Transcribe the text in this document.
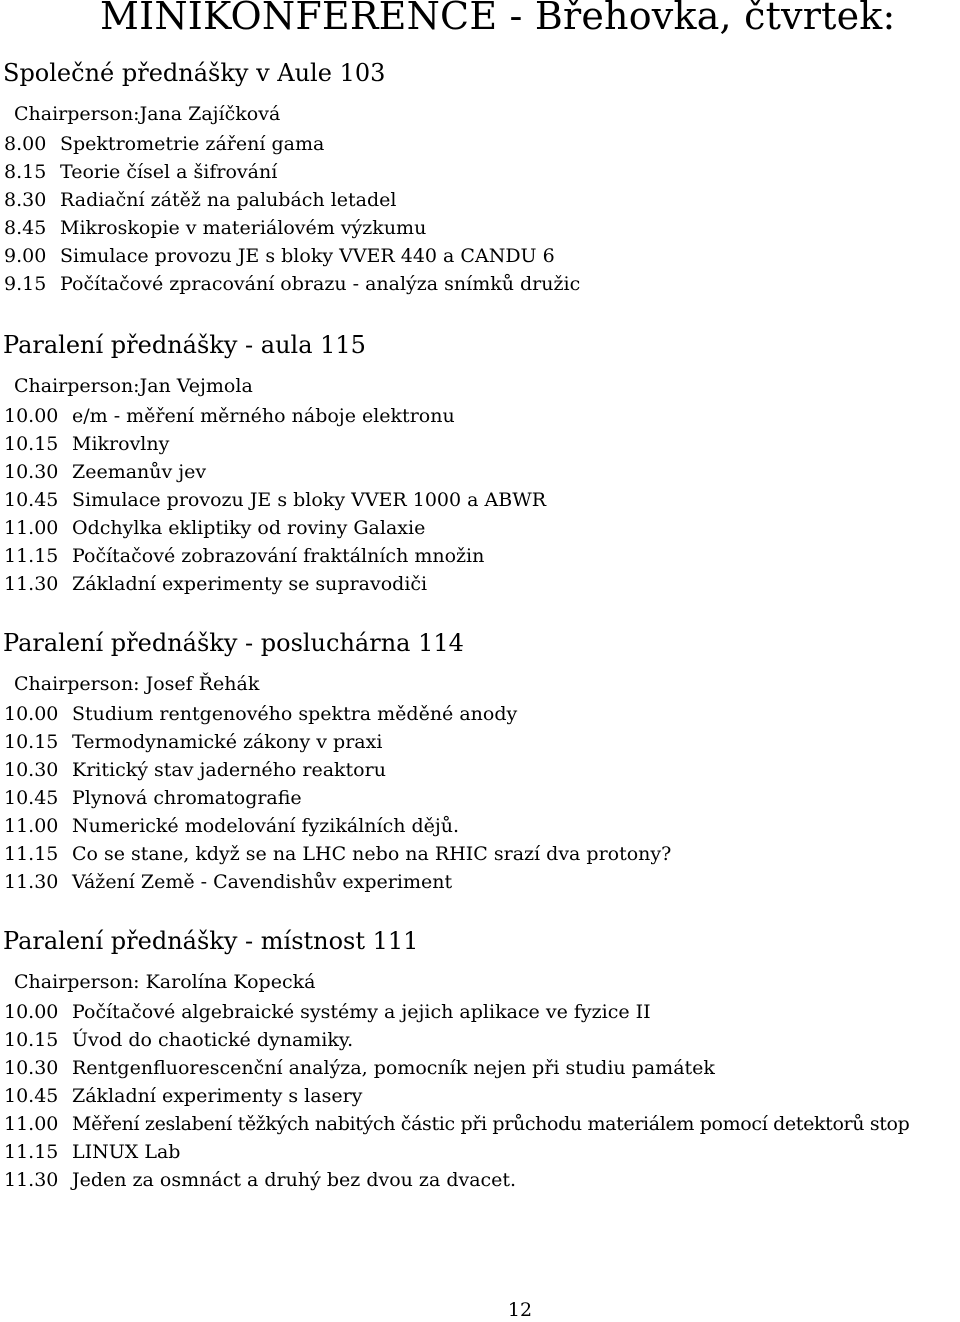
MINIKONFERENCE - Břehovka, čtvrtek:
Společné přednášky v Aule 103
Chairperson:Jana Zajíčková
8.00 Spektrometrie záření gama
8.15 Teorie čísel a šifrování
8.30 Radiační zátěž na palubách letadel
8.45 Mikroskopie v materiálovém výzkumu
9.00 Simulace provozu JE s bloky VVER 440 a CANDU 6
9.15 Počítačové zpracování obrazu - analýza snímků družic
Paralení přednášky - aula 115
Chairperson:Jan Vejmola
10.00 e/m - měření měrného náboje elektronu
10.15 Mikrovlny
10.30 Zeemanův jev
10.45 Simulace provozu JE s bloky VVER 1000 a ABWR
11.00 Odchylka ekliptiky od roviny Galaxie
11.15 Počítačové zobrazování fraktálních množin
11.30 Základní experimenty se supravodiči
Paralení přednášky - posluchárna 114
Chairperson: Josef Řehák
10.00 Studium rentgenového spektra měděné anody
10.15 Termodynamické zákony v praxi
10.30 Kritický stav jaderného reaktoru
10.45 Plynová chromatografie
11.00 Numerické modelování fyzikálních dějů.
11.15 Co se stane, když se na LHC nebo na RHIC srazí dva protony?
11.30 Vážení Země - Cavendishův experiment
Paralení přednášky - místnost 111
Chairperson: Karolína Kopecká
10.00 Počítačové algebraické systémy a jejich aplikace ve fyzice II
10.15 Úvod do chaotické dynamiky.
10.30 Rentgenfluorescenční analýza, pomocník nejen při studiu památek
10.45 Základní experimenty s lasery
11.00 Měření zeslabení těžkých nabitých částic při průchodu materiálem pomocí detektorů stop
11.15 LINUX Lab
11.30 Jeden za osmnáct a druhý bez dvou za dvacet.
12
